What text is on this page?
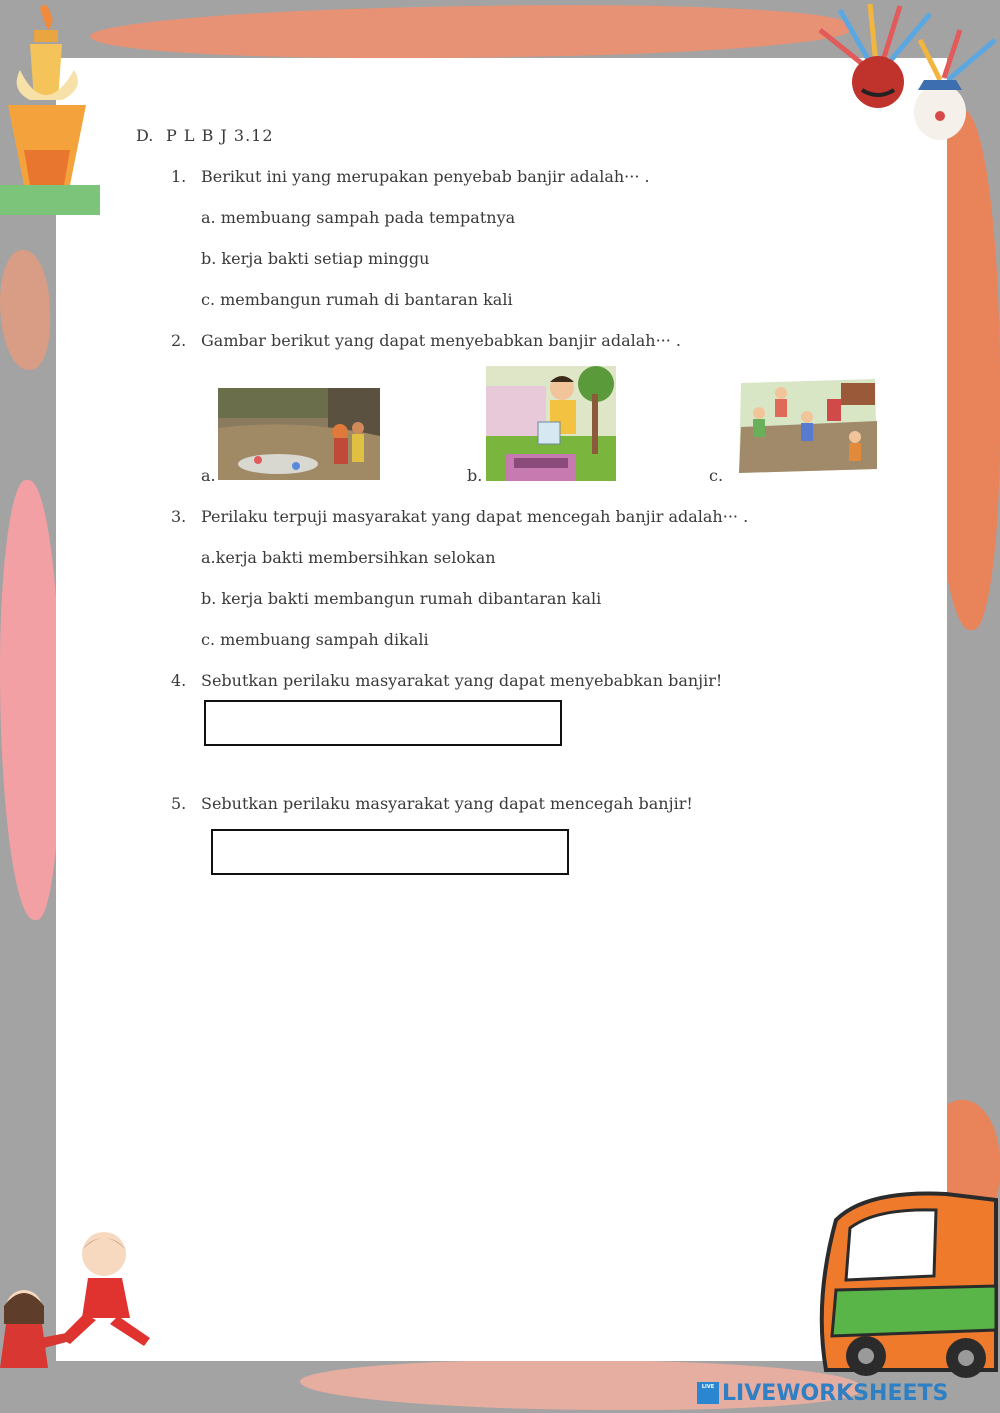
D. P L B J 3.12
1. Berikut ini yang merupakan penyebab banjir adalah··· .
a. membuang sampah pada tempatnya
b. kerja bakti setiap minggu
c. membangun rumah di bantaran kali
2. Gambar berikut yang dapat menyebabkan banjir adalah··· .
a.	b.	c.
3. Perilaku terpuji masyarakat yang dapat mencegah banjir adalah··· .
a.kerja bakti membersihkan selokan
b. kerja bakti membangun rumah dibantaran kali
c. membuang sampah dikali
4. Sebutkan perilaku masyarakat yang dapat menyebabkan banjir!
5. Sebutkan perilaku masyarakat yang dapat mencegah banjir!
LIVE LIVEWORKSHEETS
